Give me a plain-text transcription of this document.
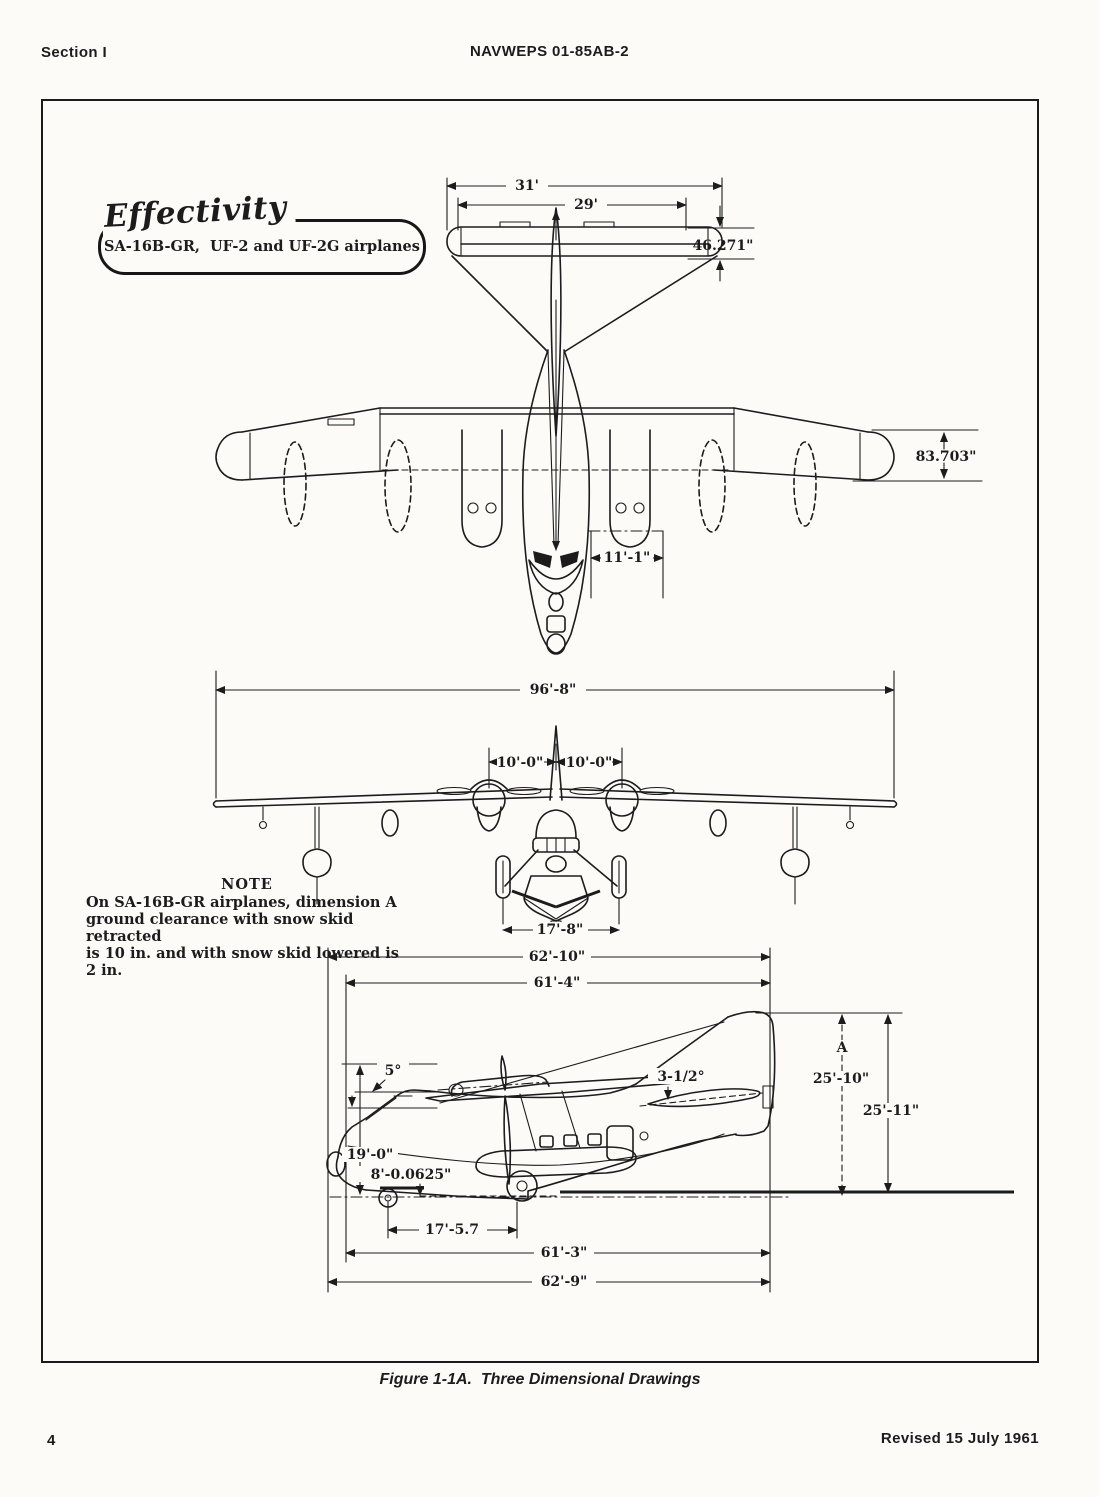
Section I	NAVWEPS 01-85AB-2
Effectivity
SA-16B-GR,  UF-2 and UF-2G airplanes
NOTE
On SA-16B-GR airplanes, dimension A
ground clearance with snow skid retracted
is 10 in. and with snow skid lowered is 2 in.
31'
29'
46.271"
83.703"
11'-1"
96'-8"
10'-0" 10'-0"
17'-8"
62'-10"
61'-4"
A
25'-10"
25'-11"
19'-0"
8'-0.0625"
5°	3-1/2°
17'-5.7
61'-3"
62'-9"
Figure 1-1A.  Three Dimensional Drawings
4	Revised 15 July 1961
